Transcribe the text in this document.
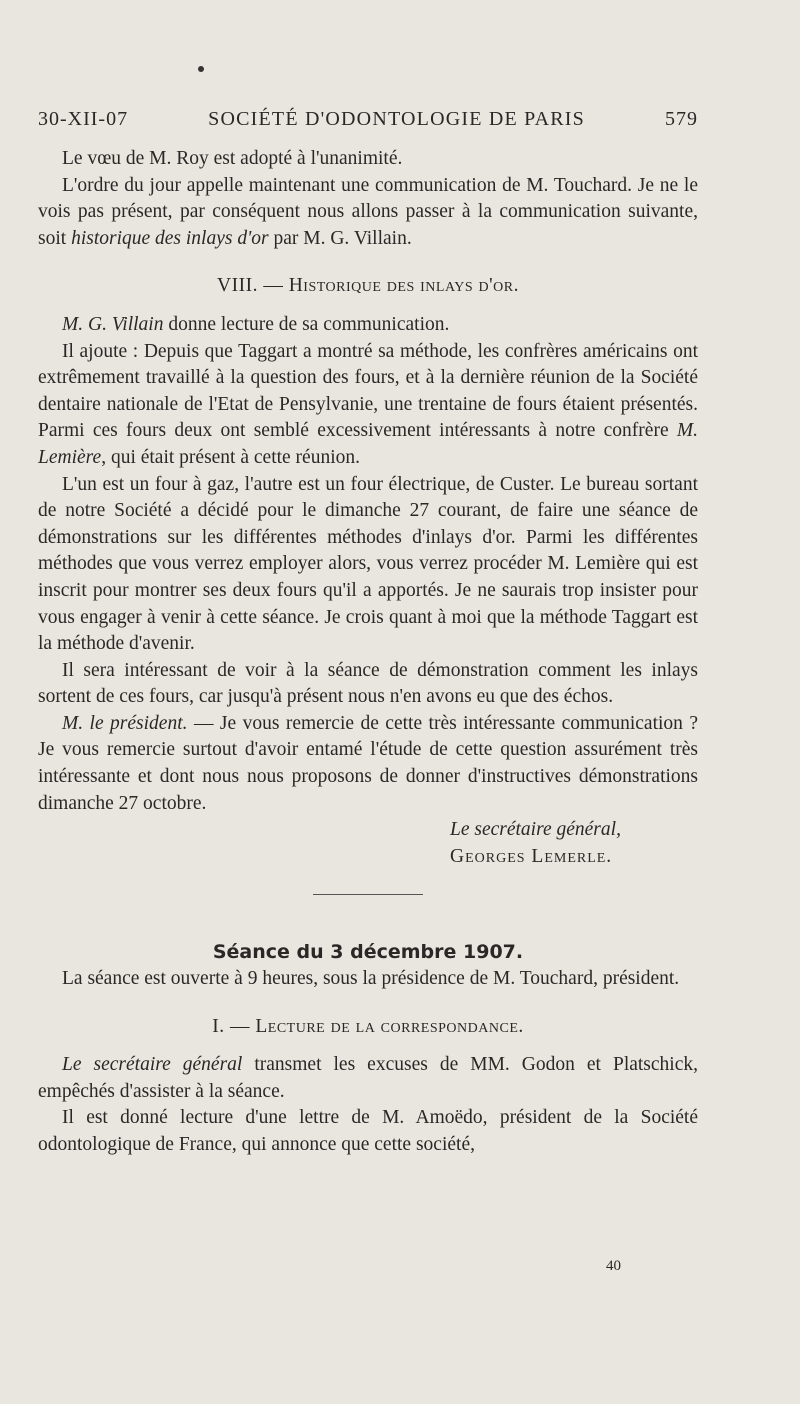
30-XII-07	SOCIÉTÉ D'ODONTOLOGIE DE PARIS	579

Le vœu de M. Roy est adopté à l'unanimité.

L'ordre du jour appelle maintenant une communication de M. Touchard. Je ne le vois pas présent, par conséquent nous allons passer à la communication suivante, soit historique des inlays d'or par M. G. Villain.

VIII. — Historique des inlays d'or.

M. G. Villain donne lecture de sa communication.

Il ajoute : Depuis que Taggart a montré sa méthode, les confrères américains ont extrêmement travaillé à la question des fours, et à la dernière réunion de la Société dentaire nationale de l'Etat de Pensylvanie, une trentaine de fours étaient présentés. Parmi ces fours deux ont semblé excessivement intéressants à notre confrère M. Lemière, qui était présent à cette réunion.

L'un est un four à gaz, l'autre est un four électrique, de Custer. Le bureau sortant de notre Société a décidé pour le dimanche 27 courant, de faire une séance de démonstrations sur les différentes méthodes d'inlays d'or. Parmi les différentes méthodes que vous verrez employer alors, vous verrez procéder M. Lemière qui est inscrit pour montrer ses deux fours qu'il a apportés. Je ne saurais trop insister pour vous engager à venir à cette séance. Je crois quant à moi que la méthode Taggart est la méthode d'avenir.

Il sera intéressant de voir à la séance de démonstration comment les inlays sortent de ces fours, car jusqu'à présent nous n'en avons eu que des échos.

M. le président. — Je vous remercie de cette très intéressante communication ? Je vous remercie surtout d'avoir entamé l'étude de cette question assurément très intéressante et dont nous nous proposons de donner d'instructives démonstrations dimanche 27 octobre.

Le secrétaire général,

Georges Lemerle.

Séance du 3 décembre 1907.

La séance est ouverte à 9 heures, sous la présidence de M. Touchard, président.

I. — Lecture de la correspondance.

Le secrétaire général transmet les excuses de MM. Godon et Platschick, empêchés d'assister à la séance.

Il est donné lecture d'une lettre de M. Amoëdo, président de la Société odontologique de France, qui annonce que cette société,

40
